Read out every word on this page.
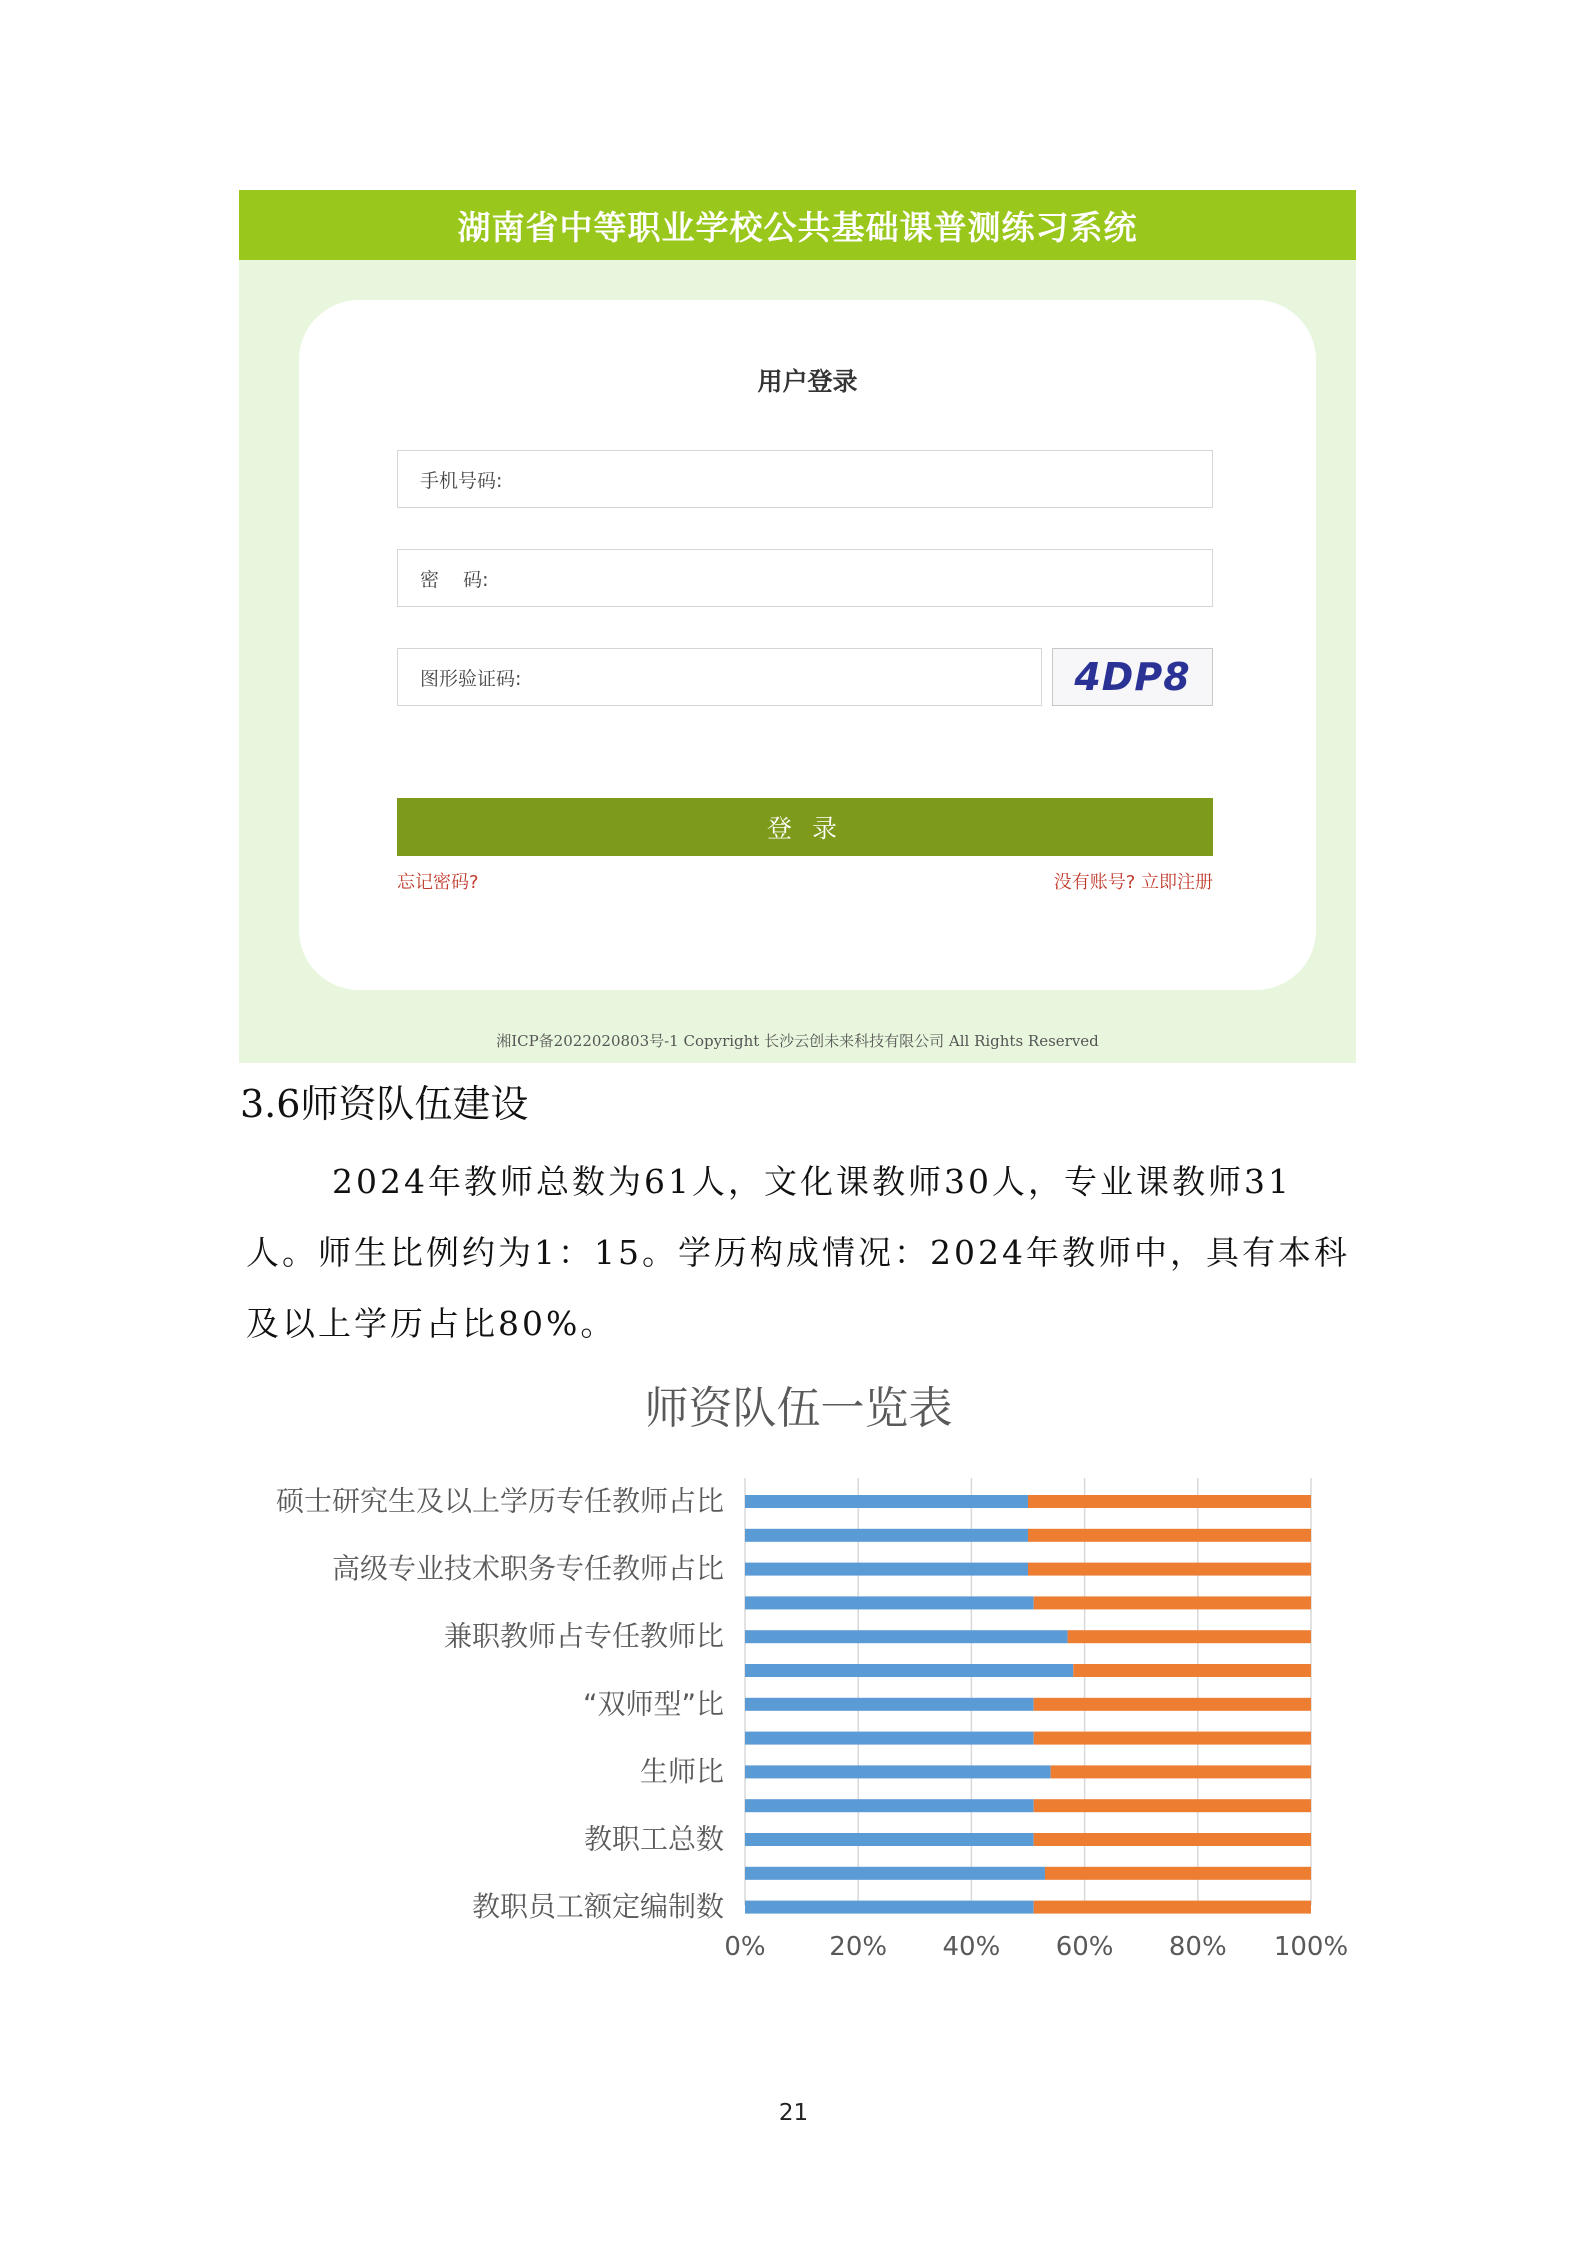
湖南省中等职业学校公共基础课普测练习系统
用户登录
手机号码:
密    码:
图形验证码:	4DP8
登 录
忘记密码?	没有账号? 立即注册
湘ICP备2022020803号-1 Copyright 长沙云创未来科技有限公司 All Rights Reserved
3.6师资队伍建设

2024年教师总数为61人，文化课教师30人，专业课教师31人。师生比例约为1：15。学历构成情况：2024年教师中，具有本科及以上学历占比80%。

师资队伍一览表
硕士研究生及以上学历专任教师占比
高级专业技术职务专任教师占比
兼职教师占专任教师比
“双师型”比
生师比
教职工总数
教职员工额定编制数
0% 20% 40% 60% 80% 100%
21
